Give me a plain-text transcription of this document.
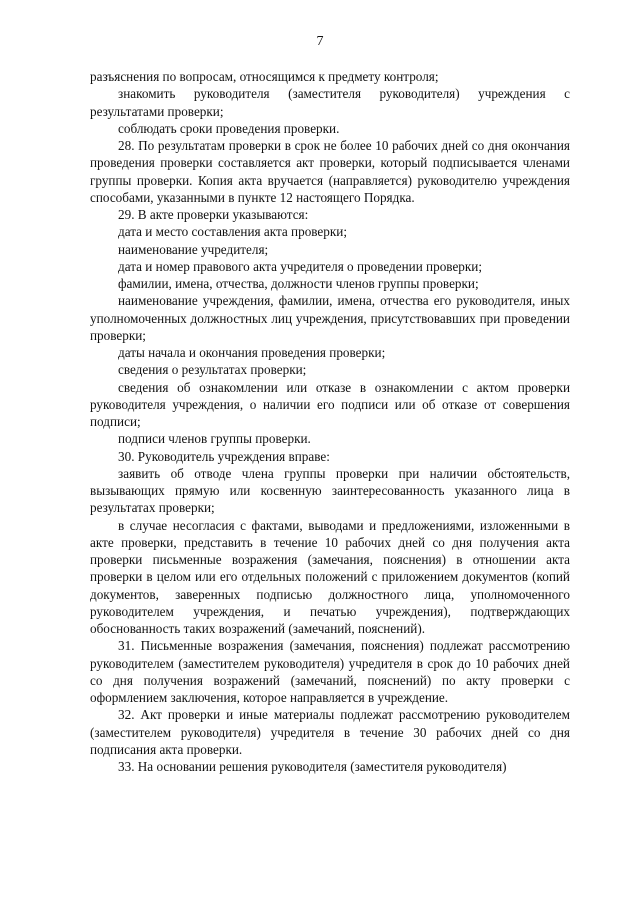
7

разъяснения по вопросам, относящимся к предмету контроля;

знакомить руководителя (заместителя руководителя) учреждения с результатами проверки;

соблюдать сроки проведения проверки.

28. По результатам проверки в срок не более 10 рабочих дней со дня окончания проведения проверки составляется акт проверки, который подписывается членами группы проверки. Копия акта вручается (направляется) руководителю учреждения способами, указанными в пункте 12 настоящего Порядка.

29. В акте проверки указываются:

дата и место составления акта проверки;

наименование учредителя;

дата и номер правового акта учредителя о проведении проверки;

фамилии, имена, отчества, должности членов группы проверки;

наименование учреждения, фамилии, имена, отчества его руководителя, иных уполномоченных должностных лиц учреждения, присутствовавших при проведении проверки;

даты начала и окончания проведения проверки;

сведения о результатах проверки;

сведения об ознакомлении или отказе в ознакомлении с актом проверки руководителя учреждения, о наличии его подписи или об отказе от совершения подписи;

подписи членов группы проверки.

30. Руководитель учреждения вправе:

заявить об отводе члена группы проверки при наличии обстоятельств, вызывающих прямую или косвенную заинтересованность указанного лица в результатах проверки;

в случае несогласия с фактами, выводами и предложениями, изложенными в акте проверки, представить в течение 10 рабочих дней со дня получения акта проверки письменные возражения (замечания, пояснения) в отношении акта проверки в целом или его отдельных положений с приложением документов (копий документов, заверенных подписью должностного лица, уполномоченного руководителем учреждения, и печатью учреждения), подтверждающих обоснованность таких возражений (замечаний, пояснений).

31. Письменные возражения (замечания, пояснения) подлежат рассмотрению руководителем (заместителем руководителя) учредителя в срок до 10 рабочих дней со дня получения возражений (замечаний, пояснений) по акту проверки с оформлением заключения, которое направляется в учреждение.

32. Акт проверки и иные материалы подлежат рассмотрению руководителем (заместителем руководителя) учредителя в течение 30 рабочих дней со дня подписания акта проверки.

33. На основании решения руководителя (заместителя руководителя)
